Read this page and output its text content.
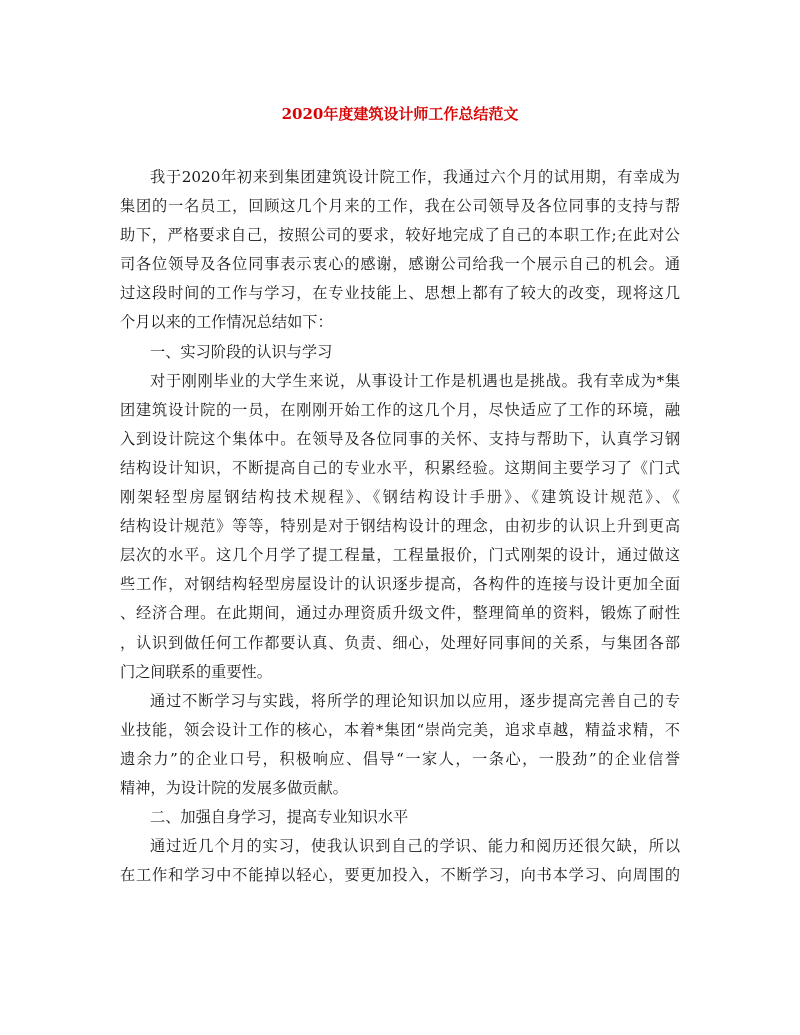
2020年度建筑设计师工作总结范文
我于2020年初来到集团建筑设计院工作，我通过六个月的试用期，有幸成为
集团的一名员工，回顾这几个月来的工作，我在公司领导及各位同事的支持与帮
助下，严格要求自己，按照公司的要求，较好地完成了自己的本职工作;在此对公
司各位领导及各位同事表示衷心的感谢，感谢公司给我一个展示自己的机会。通
过这段时间的工作与学习，在专业技能上、思想上都有了较大的改变，现将这几
个月以来的工作情况总结如下：
一、实习阶段的认识与学习
对于刚刚毕业的大学生来说，从事设计工作是机遇也是挑战。我有幸成为*集
团建筑设计院的一员，在刚刚开始工作的这几个月，尽快适应了工作的环境，融
入到设计院这个集体中。在领导及各位同事的关怀、支持与帮助下，认真学习钢
结构设计知识，不断提高自己的专业水平，积累经验。这期间主要学习了《门式
刚架轻型房屋钢结构技术规程》、《钢结构设计手册》、《建筑设计规范》、《
结构设计规范》等等，特别是对于钢结构设计的理念，由初步的认识上升到更高
层次的水平。这几个月学了提工程量，工程量报价，门式刚架的设计，通过做这
些工作，对钢结构轻型房屋设计的认识逐步提高，各构件的连接与设计更加全面
、经济合理。在此期间，通过办理资质升级文件，整理简单的资料，锻炼了耐性
，认识到做任何工作都要认真、负责、细心，处理好同事间的关系，与集团各部
门之间联系的重要性。
通过不断学习与实践，将所学的理论知识加以应用，逐步提高完善自己的专
业技能，领会设计工作的核心，本着*集团“崇尚完美，追求卓越，精益求精，不
遗余力”的企业口号，积极响应、倡导“一家人，一条心，一股劲”的企业信誉
精神，为设计院的发展多做贡献。
二、加强自身学习，提高专业知识水平
通过近几个月的实习，使我认识到自己的学识、能力和阅历还很欠缺，所以
在工作和学习中不能掉以轻心，要更加投入，不断学习，向书本学习、向周围的
